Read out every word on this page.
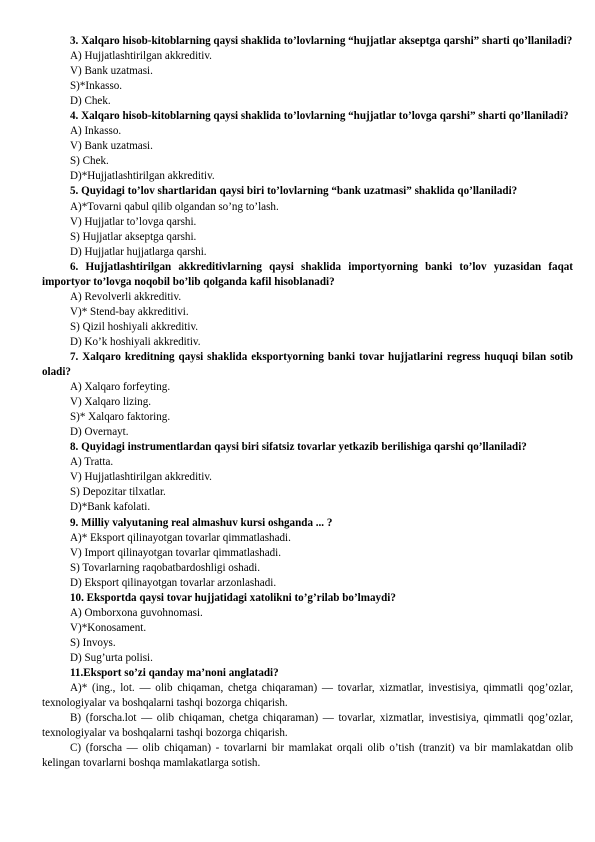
3. Xalqaro hisob-kitoblarning qaysi shaklida to’lovlarning “hujjatlar akseptga qarshi” sharti qo’llaniladi?

A) Hujjatlashtirilgan akkreditiv.

V) Bank uzatmasi.

S)*Inkasso.

D) Chek.

4. Xalqaro hisob-kitoblarning qaysi shaklida to’lovlarning “hujjatlar to’lovga qarshi” sharti qo’llaniladi?

A) Inkasso.

V) Bank uzatmasi.

S) Chek.

D)*Hujjatlashtirilgan akkreditiv.

5. Quyidagi to’lov shartlaridan qaysi biri to’lovlarning “bank uzatmasi” shaklida qo’llaniladi?

A)*Tovarni qabul qilib olgandan so’ng to’lash.

V) Hujjatlar to’lovga qarshi.

S) Hujjatlar akseptga qarshi.

D) Hujjatlar hujjatlarga qarshi.

6. Hujjatlashtirilgan akkreditivlarning qaysi shaklida importyorning banki to’lov yuzasidan faqat importyor to’lovga noqobil bo’lib qolganda kafil hisoblanadi?

A) Revolverli akkreditiv.

V)* Stend-bay akkreditivi.

S) Qizil hoshiyali akkreditiv.

D) Ko’k hoshiyali akkreditiv.

7. Xalqaro kreditning qaysi shaklida eksportyorning banki tovar hujjatlarini regress huquqi bilan sotib oladi?

A) Xalqaro forfeyting.

V) Xalqaro lizing.

S)* Xalqaro faktoring.

D) Overnayt.

8. Quyidagi instrumentlardan qaysi biri sifatsiz tovarlar yetkazib berilishiga qarshi qo’llaniladi?

A) Tratta.

V) Hujjatlashtirilgan akkreditiv.

S) Depozitar tilxatlar.

D)*Bank kafolati.

9. Milliy valyutaning real almashuv kursi oshganda ... ?

A)* Eksport qilinayotgan tovarlar qimmatlashadi.

V) Import qilinayotgan tovarlar qimmatlashadi.

S) Tovarlarning raqobatbardoshligi oshadi.

D) Eksport qilinayotgan tovarlar arzonlashadi.

10. Eksportda qaysi tovar hujjatidagi xatolikni to’g’rilab bo’lmaydi?

A) Omborxona guvohnomasi.

V)*Konosament.

S) Invoys.

D) Sug’urta polisi.

11.Eksport so’zi qanday ma’noni anglatadi?

A)* (ing., lot. — olib chiqaman, chetga chiqaraman) — tovarlar, xizmatlar, investisiya, qimmatli qog’ozlar, texnologiyalar va boshqalarni tashqi bozorga chiqarish.

B) (forscha.lot — olib chiqaman, chetga chiqaraman) — tovarlar, xizmatlar, investisiya, qimmatli qog’ozlar, texnologiyalar va boshqalarni tashqi bozorga chiqarish.

C) (forscha — olib chiqaman) - tovarlarni bir mamlakat orqali olib o’tish (tranzit) va bir mamlakatdan olib kelingan tovarlarni boshqa mamlakatlarga sotish.
